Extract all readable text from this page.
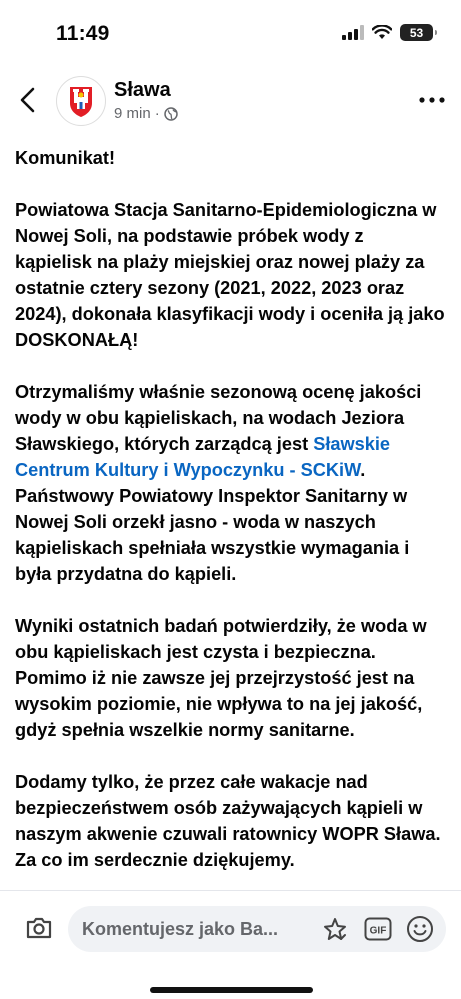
11:49	53
Sława
9 min ·

Komunikat!

Powiatowa Stacja Sanitarno-Epidemiologiczna w Nowej Soli, na podstawie próbek wody z kąpielisk na plaży miejskiej oraz nowej plaży za ostatnie cztery sezony (2021, 2022, 2023 oraz 2024), dokonała klasyfikacji wody i oceniła ją jako DOSKONAŁĄ!

Otrzymaliśmy właśnie sezonową ocenę jakości wody w obu kąpieliskach, na wodach Jeziora Sławskiego, których zarządcą jest Sławskie Centrum Kultury i Wypoczynku - SCKiW. Państwowy Powiatowy Inspektor Sanitarny w Nowej Soli orzekł jasno - woda w naszych kąpieliskach spełniała wszystkie wymagania i była przydatna do kąpieli.

Wyniki ostatnich badań potwierdziły, że woda w obu kąpieliskach jest czysta i bezpieczna. Pomimo iż nie zawsze jej przejrzystość jest na wysokim poziomie, nie wpływa to na jej jakość, gdyż spełnia wszelkie normy sanitarne.

Dodamy tylko, że przez całe wakacje nad bezpieczeństwem osób zażywających kąpieli w naszym akwenie czuwali ratownicy WOPR Sława. Za co im serdecznie dziękujemy.

Komentujesz jako Ba...	GIF
